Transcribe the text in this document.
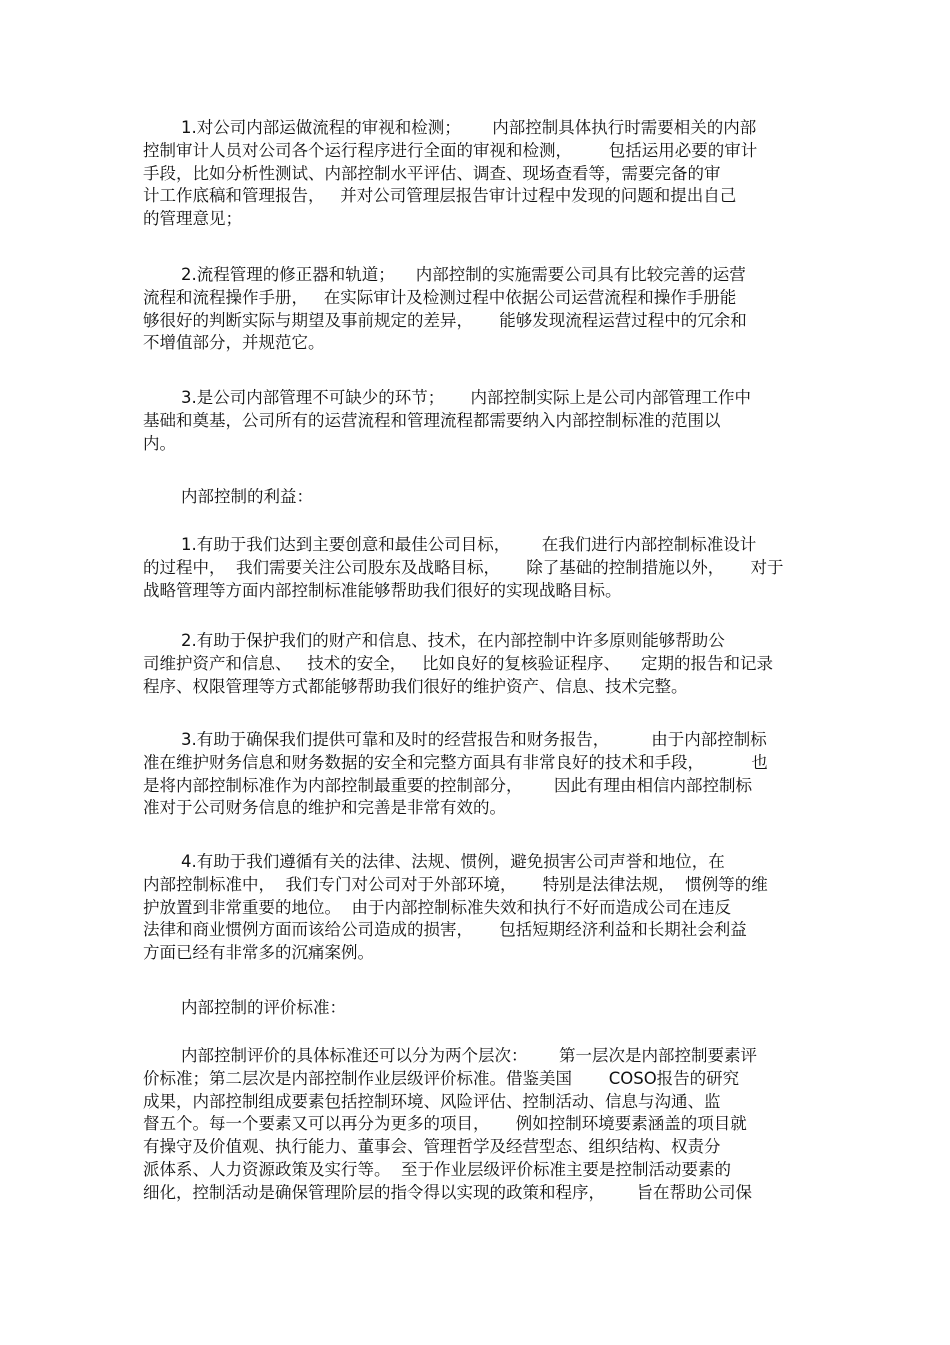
1.对公司内部运做流程的审视和检测；      内部控制具体执行时需要相关的内部
控制审计人员对公司各个运行程序进行全面的审视和检测，       包括运用必要的审计
手段，比如分析性测试、内部控制水平评估、调查、现场查看等，需要完备的审
计工作底稿和管理报告，   并对公司管理层报告审计过程中发现的问题和提出自己
的管理意见；
2.流程管理的修正器和轨道；    内部控制的实施需要公司具有比较完善的运营
流程和流程操作手册，   在实际审计及检测过程中依据公司运营流程和操作手册能
够很好的判断实际与期望及事前规定的差异，     能够发现流程运营过程中的冗余和
不增值部分，并规范它。
3.是公司内部管理不可缺少的环节；     内部控制实际上是公司内部管理工作中
基础和奠基，公司所有的运营流程和管理流程都需要纳入内部控制标准的范围以
内。
内部控制的利益：
1.有助于我们达到主要创意和最佳公司目标，      在我们进行内部控制标准设计
的过程中，  我们需要关注公司股东及战略目标，     除了基础的控制措施以外，     对于
战略管理等方面内部控制标准能够帮助我们很好的实现战略目标。
2.有助于保护我们的财产和信息、技术，在内部控制中许多原则能够帮助公
司维护资产和信息、   技术的安全，   比如良好的复核验证程序、    定期的报告和记录
程序、权限管理等方式都能够帮助我们很好的维护资产、信息、技术完整。
3.有助于确保我们提供可靠和及时的经营报告和财务报告，        由于内部控制标
准在维护财务信息和财务数据的安全和完整方面具有非常良好的技术和手段，         也
是将内部控制标准作为内部控制最重要的控制部分，      因此有理由相信内部控制标
准对于公司财务信息的维护和完善是非常有效的。
4.有助于我们遵循有关的法律、法规、惯例，避免损害公司声誉和地位，在
内部控制标准中，  我们专门对公司对于外部环境，     特别是法律法规，  惯例等的维
护放置到非常重要的地位。  由于内部控制标准失效和执行不好而造成公司在违反
法律和商业惯例方面而该给公司造成的损害，     包括短期经济利益和长期社会利益
方面已经有非常多的沉痛案例。
内部控制的评价标准：
内部控制评价的具体标准还可以分为两个层次：      第一层次是内部控制要素评
价标准；第二层次是内部控制作业层级评价标准。借鉴美国       COSO报告的研究
成果，内部控制组成要素包括控制环境、风险评估、控制活动、信息与沟通、监
督五个。每一个要素又可以再分为更多的项目，     例如控制环境要素涵盖的项目就
有操守及价值观、执行能力、董事会、管理哲学及经营型态、组织结构、权责分
派体系、人力资源政策及实行等。  至于作业层级评价标准主要是控制活动要素的
细化，控制活动是确保管理阶层的指令得以实现的政策和程序，      旨在帮助公司保
